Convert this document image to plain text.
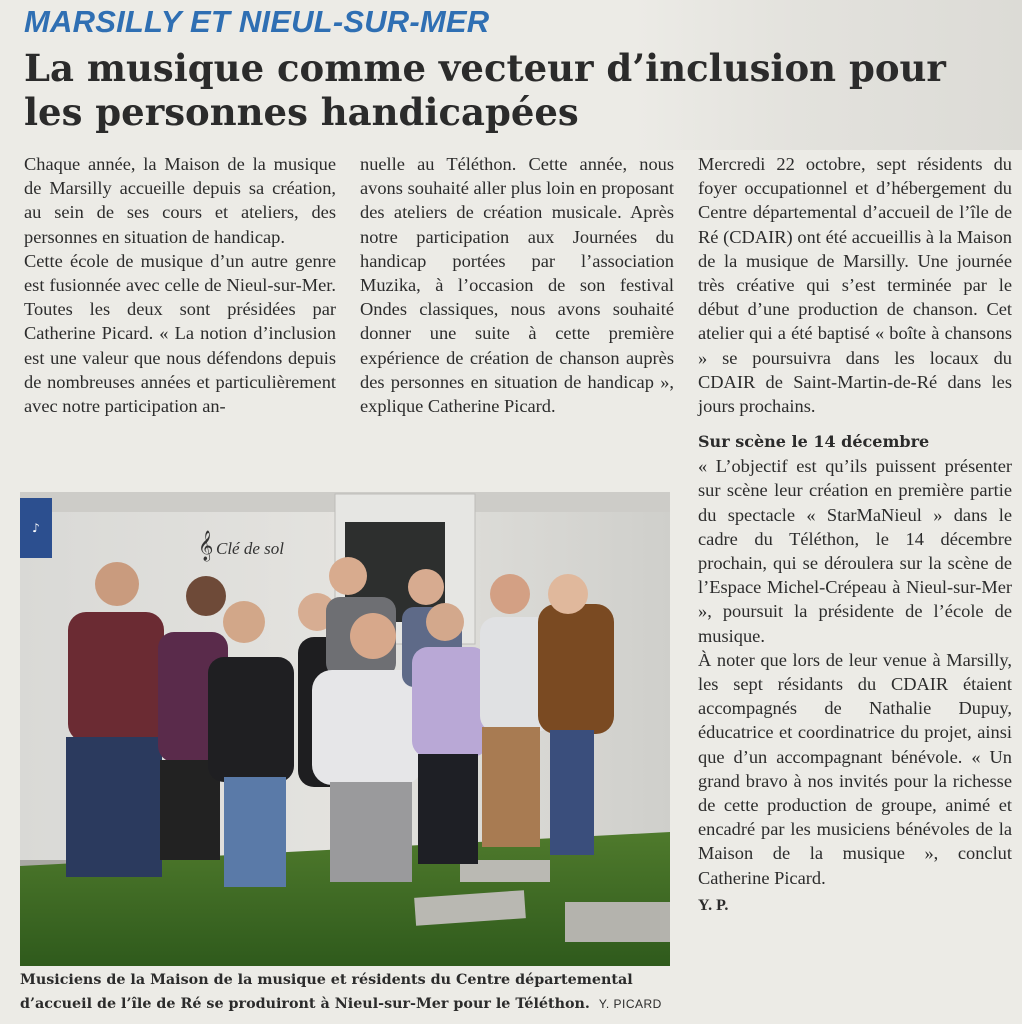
MARSILLY ET NIEUL-SUR-MER
La musique comme vecteur d’inclusion pour les personnes handicapées

Chaque année, la Maison de la musique de Marsilly accueille depuis sa création, au sein de ses cours et ateliers, des personnes en situation de handicap.

Cette école de musique d’un autre genre est fusionnée avec celle de Nieul-sur-Mer. Toutes les deux sont présidées par Catherine Picard. « La notion d’inclusion est une valeur que nous défendons depuis de nombreuses années et particulièrement avec notre participation an-

nuelle au Téléthon. Cette année, nous avons souhaité aller plus loin en proposant des ateliers de création musicale. Après notre participation aux Journées du handicap portées par l’association Muzika, à l’occasion de son festival Ondes classiques, nous avons souhaité donner une suite à cette première expérience de création de chanson auprès des personnes en situation de handicap », explique Catherine Picard.

Mercredi 22 octobre, sept résidents du foyer occupationnel et d’hébergement du Centre départemental d’accueil de l’île de Ré (CDAIR) ont été accueillis à la Maison de la musique de Marsilly. Une journée très créative qui s’est terminée par le début d’une production de chanson. Cet atelier qui a été baptisé « boîte à chansons » se poursuivra dans les locaux du CDAIR de Saint-Martin-de-Ré dans les jours prochains.

Sur scène le 14 décembre

« L’objectif est qu’ils puissent présenter sur scène leur création en première partie du spectacle « StarMaNieul » dans le cadre du Téléthon, le 14 décembre prochain, qui se déroulera sur la scène de l’Espace Michel-Crépeau à Nieul-sur-Mer », poursuit la présidente de l’école de musique.

À noter que lors de leur venue à Marsilly, les sept résidants du CDAIR étaient accompagnés de Nathalie Dupuy, éducatrice et coordinatrice du projet, ainsi que d’un accompagnant bénévole. « Un grand bravo à nos invités pour la richesse de cette production de groupe, animé et encadré par les musiciens bénévoles de la Maison de la musique », conclut Catherine Picard.

Y. P.

♪
𝄞 Clé de sol

Musiciens de la Maison de la musique et résidents du Centre départemental d’accueil de l’île de Ré se produiront à Nieul-sur-Mer pour le Téléthon. Y. PICARD
